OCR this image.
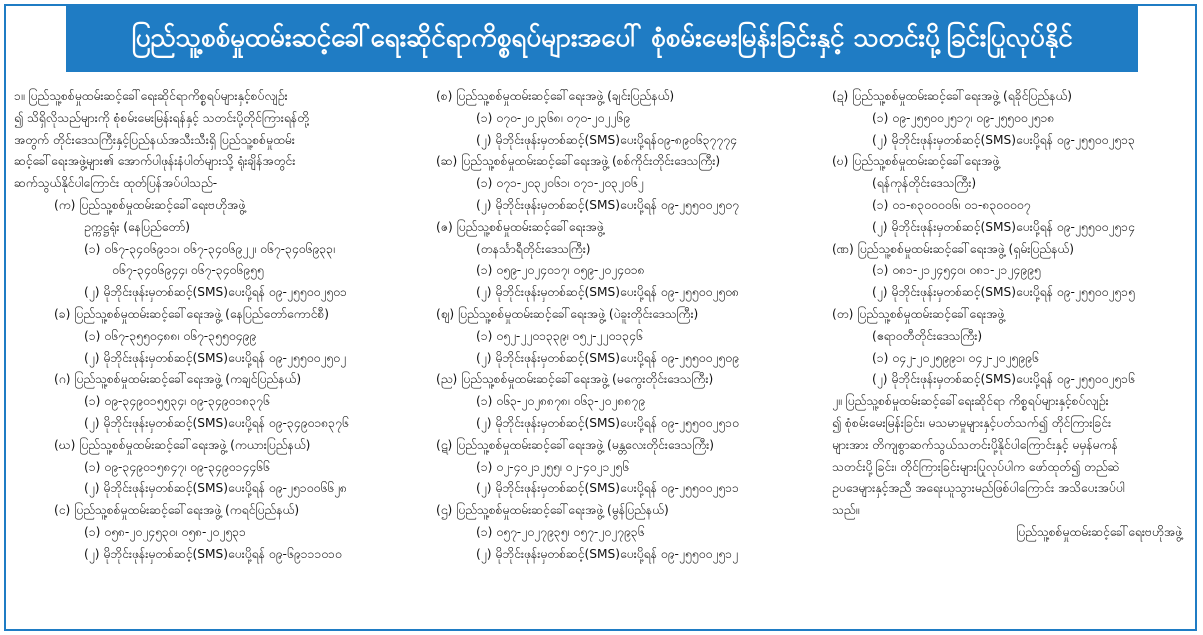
ပြည်သူ့စစ်မှုထမ်းဆင့်ခေါ်ရေးဆိုင်ရာကိစ္စရပ်များအပေါ် စုံစမ်းမေးမြန်းခြင်းနှင့် သတင်းပို့ခြင်းပြုလုပ်နိုင်
၁။ ပြည်သူ့စစ်မှုထမ်းဆင့်ခေါ်ရေးဆိုင်ရာကိစ္စရပ်များနှင့်စပ်လျဉ်း
၍ သိရှိလိုသည်များကို စုံစမ်းမေးမြန်းရန်နှင့် သတင်းပို့တိုင်ကြားရန်တို့
အတွက် တိုင်းဒေသကြီးနှင့်ပြည်နယ်အသီးသီးရှိ ပြည်သူ့စစ်မှုထမ်း
ဆင့်ခေါ်ရေးအဖွဲ့များ၏ အောက်ပါဖုန်းနံပါတ်များသို့ ရုံးချိန်အတွင်း
ဆက်သွယ်နိုင်ပါကြောင်း ထုတ်ပြန်အပ်ပါသည်-
(က) ပြည်သူ့စစ်မှုထမ်းဆင့်ခေါ်ရေးဗဟိုအဖွဲ့
ဥက္ကဋ္ဌရုံး (နေပြည်တော်)
(၁) ၀၆၇-၃၄၀၆၉၁၁၊ ၀၆၇-၃၄၀၆၉၂၂၊ ၀၆၇-၃၄၀၆၉၃၃၊
၀၆၇-၃၄၀၆၉၄၄၊ ၀၆၇-၃၄၀၆၉၅၅
(၂) မိုဘိုင်းဖုန်းမှတစ်ဆင့်(SMS)ပေးပို့ရန် ၀၉-၂၅၅၀၀၂၅၀၁
(ခ) ပြည်သူ့စစ်မှုထမ်းဆင့်ခေါ်ရေးအဖွဲ့ (နေပြည်တော်ကောင်စီ)
(၁) ၀၆၇-၃၅၅၀၄၈၈၊ ၀၆၇-၃၅၅၀၄၉၉
(၂) မိုဘိုင်းဖုန်းမှတစ်ဆင့်(SMS)ပေးပို့ရန် ၀၉-၂၅၅၀၀၂၅၀၂
(ဂ) ပြည်သူ့စစ်မှုထမ်းဆင့်ခေါ်ရေးအဖွဲ့ (ကချင်ပြည်နယ်)
(၁) ၀၉-၃၄၉၀၁၅၅၃၄၊ ၀၉-၃၄၉၀၁၈၃၇၆
(၂) မိုဘိုင်းဖုန်းမှတစ်ဆင့်(SMS)ပေးပို့ရန် ၀၉-၃၄၉၀၁၈၃၇၆
(ဃ) ပြည်သူ့စစ်မှုထမ်းဆင့်ခေါ်ရေးအဖွဲ့ (ကယားပြည်နယ်)
(၁) ၀၉-၃၄၉၀၁၅၈၄၇၊ ၀၉-၃၄၉၀၁၄၄၆၆
(၂) မိုဘိုင်းဖုန်းမှတစ်ဆင့်(SMS)ပေးပို့ရန် ၀၉-၂၅၁၀၀၆၆၂၈
(င) ပြည်သူ့စစ်မှုထမ်းဆင့်ခေါ်ရေးအဖွဲ့ (ကရင်ပြည်နယ်)
(၁) ၀၅၈-၂၀၂၄၅၃၀၊ ၀၅၈-၂၀၂၅၃၁
(၂) မိုဘိုင်းဖုန်းမှတစ်ဆင့်(SMS)ပေးပို့ရန် ၀၉-၆၉၁၁၁၀၁၀
(စ) ပြည်သူ့စစ်မှုထမ်းဆင့်ခေါ်ရေးအဖွဲ့ (ချင်းပြည်နယ်)
(၁) ၀၇၀-၂၀၂၃၆၈၊ ၀၇၀-၂၀၂၂၆၉
(၂) မိုဘိုင်းဖုန်းမှတစ်ဆင့်(SMS)ပေးပို့ရန်၀၉-၈၉၀၆၃၇၇၇၄
(ဆ) ပြည်သူ့စစ်မှုထမ်းဆင့်ခေါ်ရေးအဖွဲ့ (စစ်ကိုင်းတိုင်းဒေသကြီး)
(၁) ၀၇၁-၂၀၃၂၀၆၁၊ ၀၇၁-၂၀၃၂၀၆၂
(၂) မိုဘိုင်းဖုန်းမှတစ်ဆင့်(SMS)ပေးပို့ရန် ၀၉-၂၅၅၀၀၂၅၀၇
(ဇ) ပြည်သူ့စစ်မှုထမ်းဆင့်ခေါ်ရေးအဖွဲ့
(တနင်္သာရီတိုင်းဒေသကြီး)
(၁) ၀၅၉-၂၀၂၄၀၁၇၊ ၀၅၉-၂၀၂၄၀၁၈
(၂) မိုဘိုင်းဖုန်းမှတစ်ဆင့်(SMS)ပေးပို့ရန် ၀၉-၂၅၅၀၀၂၅၀၈
(ဈ) ပြည်သူ့စစ်မှုထမ်းဆင့်ခေါ်ရေးအဖွဲ့ (ပဲခူးတိုင်းဒေသကြီး)
(၁) ၀၅၂-၂၂၀၁၃၃၉၊ ၀၅၂-၂၂၀၁၃၄၆
(၂) မိုဘိုင်းဖုန်းမှတစ်ဆင့်(SMS)ပေးပို့ရန် ၀၉-၂၅၅၀၀၂၅၀၉
(ည) ပြည်သူ့စစ်မှုထမ်းဆင့်ခေါ်ရေးအဖွဲ့ (မကွေးတိုင်းဒေသကြီး)
(၁) ၀၆၃-၂၀၂၈၈၇၈၊ ၀၆၃-၂၀၂၈၈၇၉
(၂) မိုဘိုင်းဖုန်းမှတစ်ဆင့်(SMS)ပေးပို့ရန် ၀၉-၂၅၅၀၀၂၅၁၀
(ဋ) ပြည်သူ့စစ်မှုထမ်းဆင့်ခေါ်ရေးအဖွဲ့ (မန္တလေးတိုင်းဒေသကြီး)
(၁) ၀၂-၄၀၂၁၂၅၅၊ ၀၂-၄၀၂၁၂၅၆
(၂) မိုဘိုင်းဖုန်းမှတစ်ဆင့်(SMS)ပေးပို့ရန် ၀၉-၂၅၅၀၀၂၅၁၁
(ဌ) ပြည်သူ့စစ်မှုထမ်းဆင့်ခေါ်ရေးအဖွဲ့ (မွန်ပြည်နယ်)
(၁) ၀၅၇-၂၀၂၇၉၃၅၊ ၀၅၇-၂၀၂၇၉၃၆
(၂) မိုဘိုင်းဖုန်းမှတစ်ဆင့်(SMS)ပေးပို့ရန် ၀၉-၂၅၅၀၀၂၅၁၂
(ဍ) ပြည်သူ့စစ်မှုထမ်းဆင့်ခေါ်ရေးအဖွဲ့ (ရခိုင်ပြည်နယ်)
(၁) ၀၉-၂၅၅၀၀၂၅၁၇၊ ၀၉-၂၅၅၀၀၂၅၁၈
(၂) မိုဘိုင်းဖုန်းမှတစ်ဆင့်(SMS)ပေးပို့ရန် ၀၉-၂၅၅၀၀၂၅၁၃
(ဎ) ပြည်သူ့စစ်မှုထမ်းဆင့်ခေါ်ရေးအဖွဲ့
(ရန်ကုန်တိုင်းဒေသကြီး)
(၁) ၀၁-၈၃၀၀၀၀၆၊ ၀၁-၈၃၀၀၀၀၇
(၂) မိုဘိုင်းဖုန်းမှတစ်ဆင့်(SMS)ပေးပို့ရန် ၀၉-၂၅၅၀၀၂၅၁၄
(ဏ) ပြည်သူ့စစ်မှုထမ်းဆင့်ခေါ်ရေးအဖွဲ့ (ရှမ်းပြည်နယ်)
(၁) ၀၈၁-၂၁၂၄၅၄၀၊ ၀၈၁-၂၁၂၄၉၉၅
(၂) မိုဘိုင်းဖုန်းမှတစ်ဆင့်(SMS)ပေးပို့ရန် ၀၉-၂၅၅၀၀၂၅၁၅
(တ) ပြည်သူ့စစ်မှုထမ်းဆင့်ခေါ်ရေးအဖွဲ့
(ဧရာဝတီတိုင်းဒေသကြီး)
(၁) ၀၄၂-၂၀၂၅၉၉၁၊ ၀၄၂-၂၀၂၅၉၉၆
(၂) မိုဘိုင်းဖုန်းမှတစ်ဆင့်(SMS)ပေးပို့ရန် ၀၉-၂၅၅၀၀၂၅၁၆
၂။ ပြည်သူ့စစ်မှုထမ်းဆင့်ခေါ်ရေးဆိုင်ရာ ကိစ္စရပ်များနှင့်စပ်လျဉ်း
၍ စုံစမ်းမေးမြန်းခြင်း၊ မသမာမှုများနှင့်ပတ်သက်၍ တိုင်ကြားခြင်း
များအား တိကျစွာဆက်သွယ်သတင်းပို့နိုင်ပါကြောင်းနှင့် မမှန်မကန်
သတင်းပို့ခြင်း၊ တိုင်ကြားခြင်းများပြုလုပ်ပါက ဖော်ထုတ်၍ တည်ဆဲ
ဥပဒေများနှင့်အညီ အရေးယူသွားမည်ဖြစ်ပါကြောင်း အသိပေးအပ်ပါ
သည်။
ပြည်သူ့စစ်မှုထမ်းဆင့်ခေါ်ရေးဗဟိုအဖွဲ့
